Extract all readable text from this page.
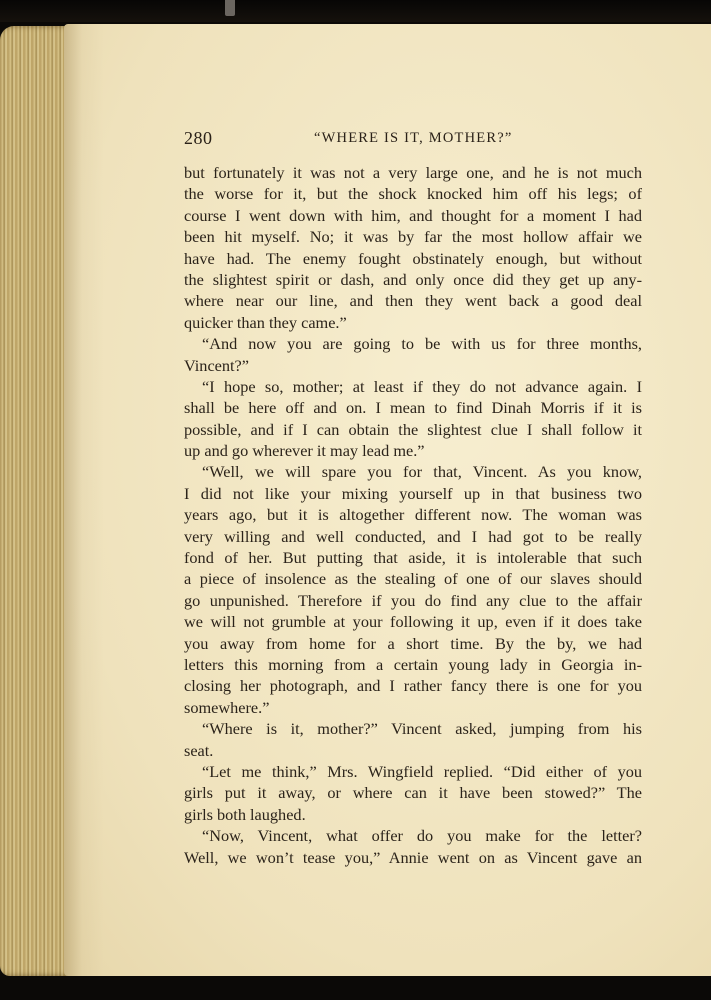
280	“WHERE IS IT, MOTHER?”
but fortunately it was not a very large one, and he is not much
the worse for it, but the shock knocked him off his legs; of
course I went down with him, and thought for a moment I had
been hit myself. No; it was by far the most hollow affair we
have had. The enemy fought obstinately enough, but without
the slightest spirit or dash, and only once did they get up any-
where near our line, and then they went back a good deal
quicker than they came.”
“And now you are going to be with us for three months,
Vincent?”
“I hope so, mother; at least if they do not advance again. I
shall be here off and on. I mean to find Dinah Morris if it is
possible, and if I can obtain the slightest clue I shall follow it
up and go wherever it may lead me.”
“Well, we will spare you for that, Vincent. As you know,
I did not like your mixing yourself up in that business two
years ago, but it is altogether different now. The woman was
very willing and well conducted, and I had got to be really
fond of her. But putting that aside, it is intolerable that such
a piece of insolence as the stealing of one of our slaves should
go unpunished. Therefore if you do find any clue to the affair
we will not grumble at your following it up, even if it does take
you away from home for a short time. By the by, we had
letters this morning from a certain young lady in Georgia in-
closing her photograph, and I rather fancy there is one for you
somewhere.”
“Where is it, mother?” Vincent asked, jumping from his
seat.
“Let me think,” Mrs. Wingfield replied. “Did either of you
girls put it away, or where can it have been stowed?” The
girls both laughed.
“Now, Vincent, what offer do you make for the letter?
Well, we won’t tease you,” Annie went on as Vincent gave an
